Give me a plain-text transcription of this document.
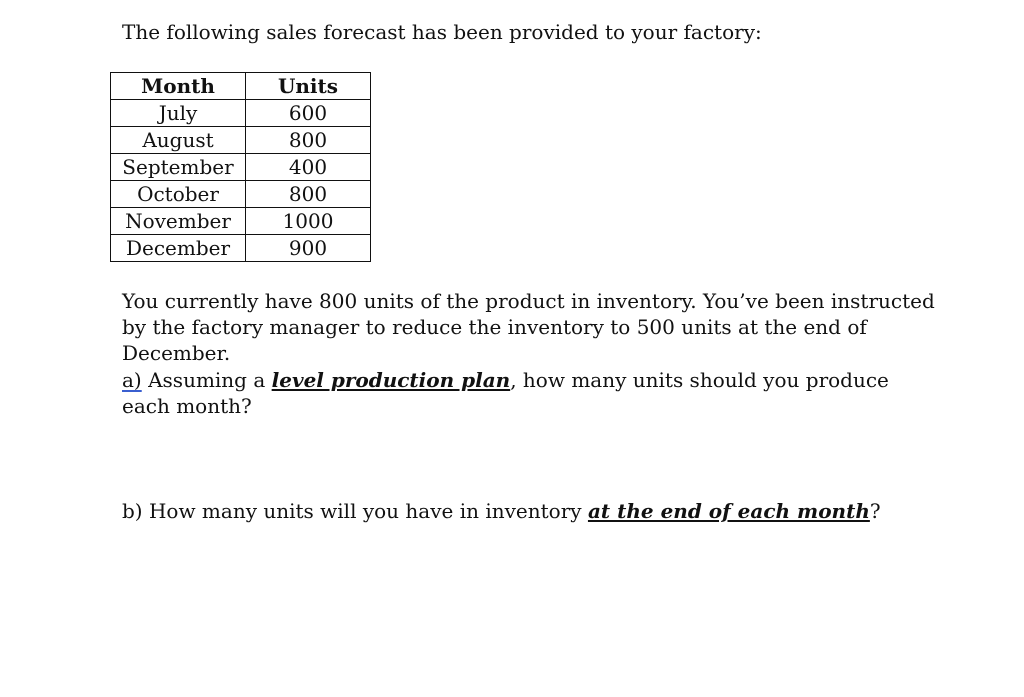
The following sales forecast has been provided to your factory:
Month	Units
July	600
August	800
September	400
October	800
November	1000
December	900
You currently have 800 units of the product in inventory. You’ve been instructed by the factory manager to reduce the inventory to 500 units at the end of December.
a) Assuming a level production plan, how many units should you produce each month?
b) How many units will you have in inventory at the end of each month?
